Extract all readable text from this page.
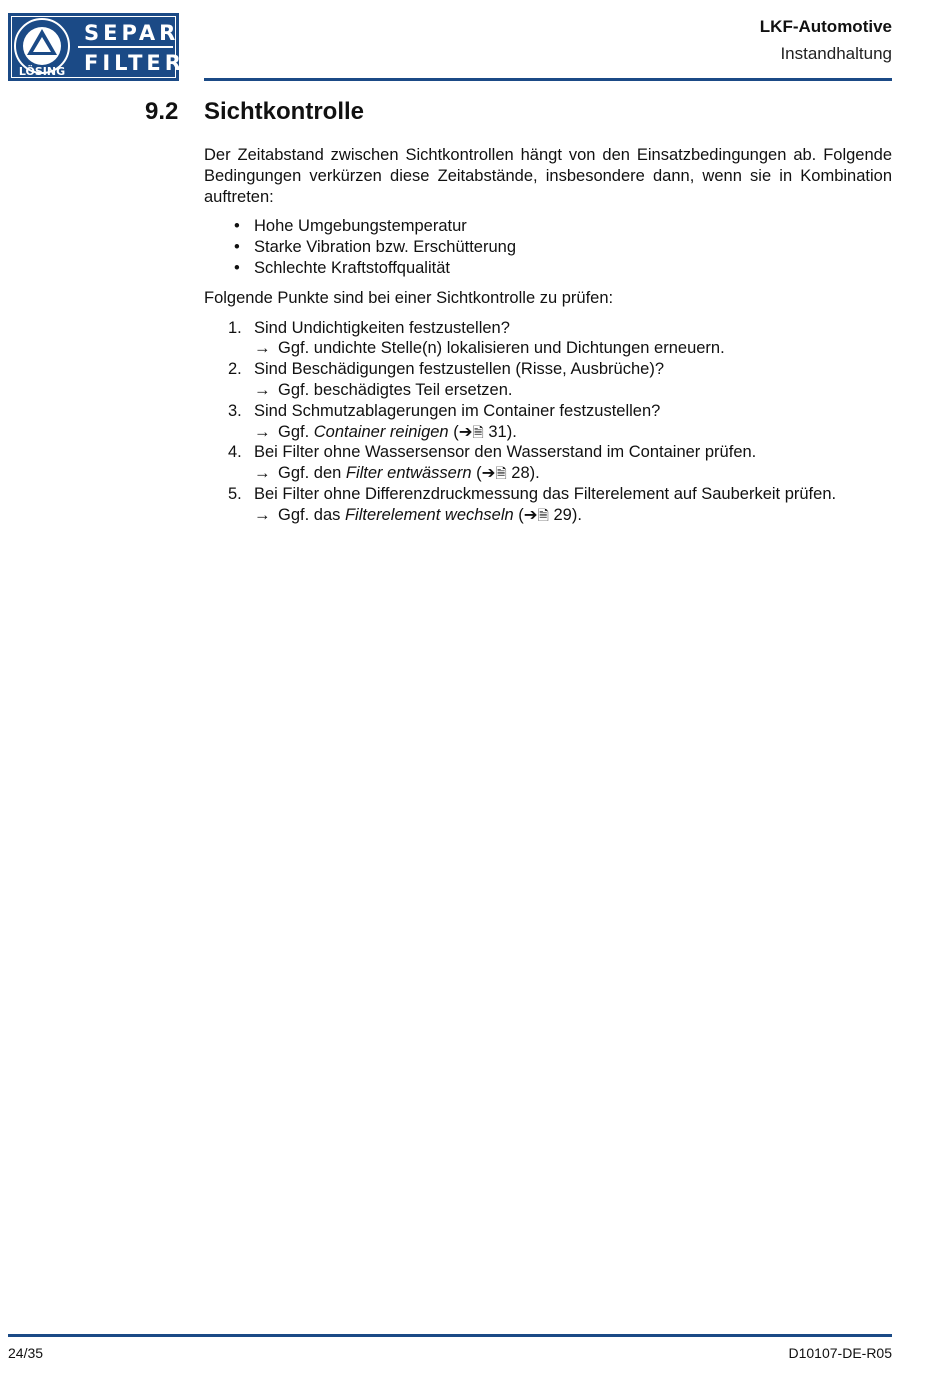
LÖSING
SEPAR
FILTER
LKF-Automotive
Instandhaltung
9.2 Sichtkontrolle

Der Zeitabstand zwischen Sichtkontrollen hängt von den Einsatzbedingungen ab. Folgende Bedingungen verkürzen diese Zeitabstände, insbesondere dann, wenn sie in Kombination auftreten:

• Hohe Umgebungstemperatur
• Starke Vibration bzw. Erschütterung
• Schlechte Kraftstoffqualität

Folgende Punkte sind bei einer Sichtkontrolle zu prüfen:

1. Sind Undichtigkeiten festzustellen?
→ Ggf. undichte Stelle(n) lokalisieren und Dichtungen erneuern.
2. Sind Beschädigungen festzustellen (Risse, Ausbrüche)?
→ Ggf. beschädigtes Teil ersetzen.
3. Sind Schmutzablagerungen im Container festzustellen?
→ Ggf. Container reinigen (➔🗎 31).
4. Bei Filter ohne Wassersensor den Wasserstand im Container prüfen.
→ Ggf. den Filter entwässern (➔🗎 28).
5. Bei Filter ohne Differenzdruckmessung das Filterelement auf Sauberkeit prüfen.
→ Ggf. das Filterelement wechseln (➔🗎 29).
24/35	D10107-DE-R05
